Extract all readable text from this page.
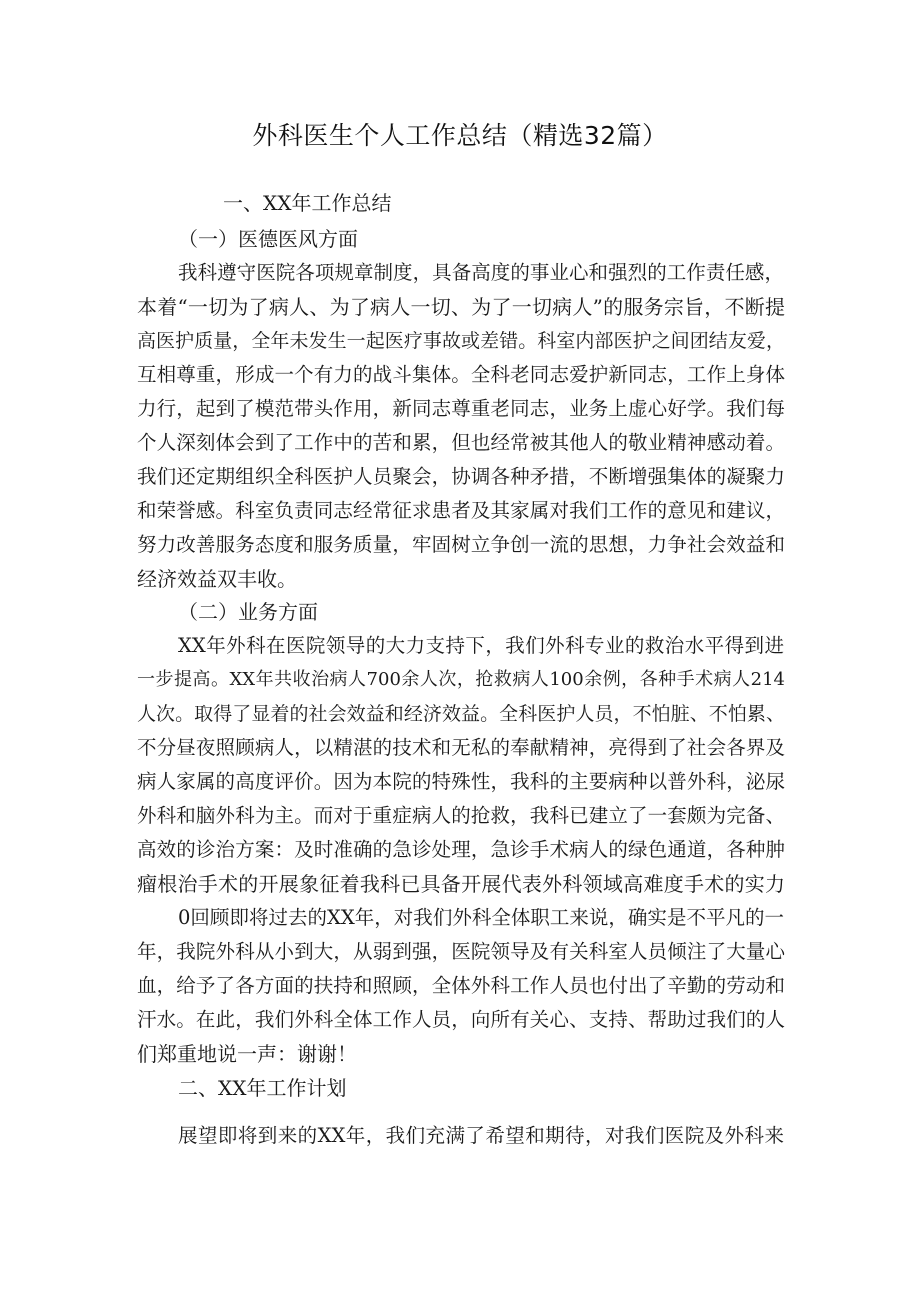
外科医生个人工作总结（精选32篇）
一、XX年工作总结
（一）医德医风方面
我科遵守医院各项规章制度，具备高度的事业心和强烈的工作责任感，
本着“一切为了病人、为了病人一切、为了一切病人”的服务宗旨，不断提
高医护质量，全年未发生一起医疗事故或差错。科室内部医护之间团结友爱，
互相尊重，形成一个有力的战斗集体。全科老同志爱护新同志，工作上身体
力行，起到了模范带头作用，新同志尊重老同志，业务上虚心好学。我们每
个人深刻体会到了工作中的苦和累，但也经常被其他人的敬业精神感动着。
我们还定期组织全科医护人员聚会，协调各种矛措，不断增强集体的凝聚力
和荣誉感。科室负责同志经常征求患者及其家属对我们工作的意见和建议，
努力改善服务态度和服务质量，牢固树立争创一流的思想，力争社会效益和
经济效益双丰收。
（二）业务方面
XX年外科在医院领导的大力支持下，我们外科专业的救治水平得到进
一步提高。XX年共收治病人700余人次，抢救病人100余例，各种手术病人214
人次。取得了显着的社会效益和经济效益。全科医护人员，不怕脏、不怕累、
不分昼夜照顾病人，以精湛的技术和无私的奉献精神，亮得到了社会各界及
病人家属的高度评价。因为本院的特殊性，我科的主要病种以普外科，泌尿
外科和脑外科为主。而对于重症病人的抢救，我科已建立了一套颇为完备、
高效的诊治方案：及时准确的急诊处理，急诊手术病人的绿色通道，各种肿
瘤根治手术的开展象征着我科已具备开展代表外科领域高难度手术的实力
0回顾即将过去的XX年，对我们外科全体职工来说，确实是不平凡的一
年，我院外科从小到大，从弱到强，医院领导及有关科室人员倾注了大量心
血，给予了各方面的扶持和照顾，全体外科工作人员也付出了辛勤的劳动和
汗水。在此，我们外科全体工作人员，向所有关心、支持、帮助过我们的人
们郑重地说一声：谢谢！
二、XX年工作计划
展望即将到来的XX年，我们充满了希望和期待，对我们医院及外科来
